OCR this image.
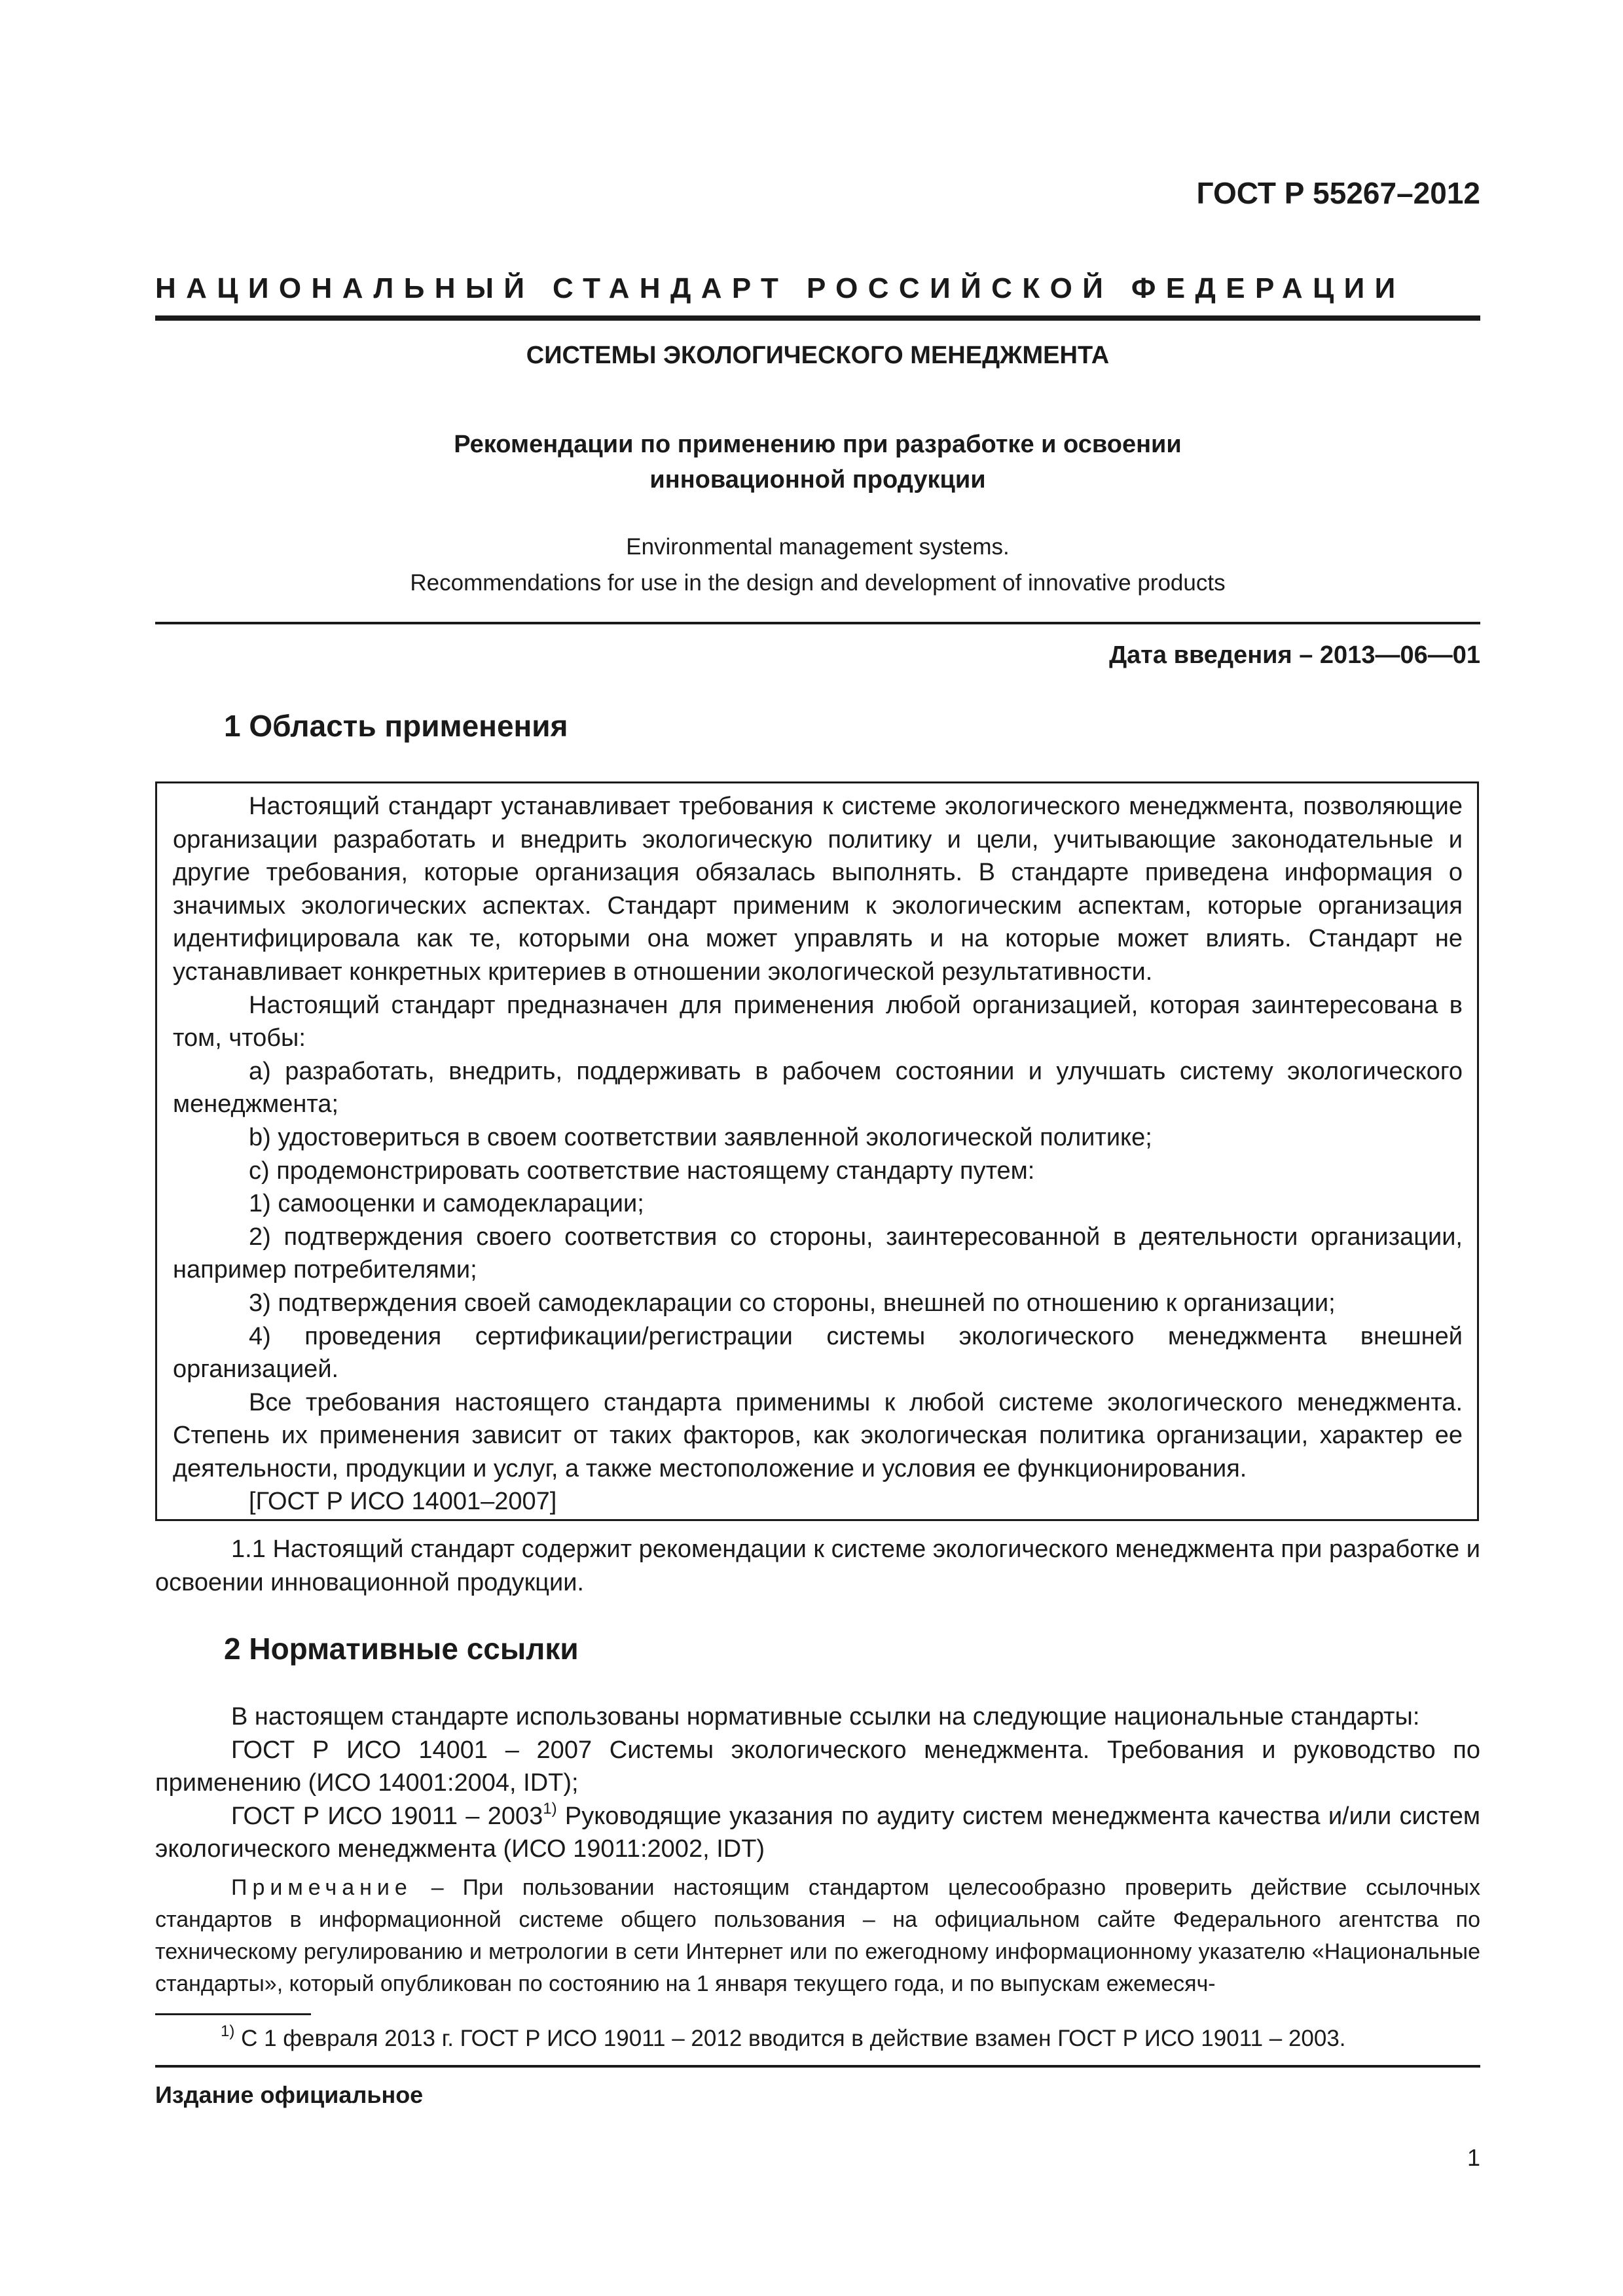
ГОСТ Р 55267–2012
НАЦИОНАЛЬНЫЙ СТАНДАРТ РОССИЙСКОЙ ФЕДЕРАЦИИ
СИСТЕМЫ ЭКОЛОГИЧЕСКОГО МЕНЕДЖМЕНТА
Рекомендации по применению при разработке и освоении
инновационной продукции
Environmental management systems.
Recommendations for use in the design and development of innovative products
Дата введения – 2013—06—01
1 Область применения

Настоящий стандарт устанавливает требования к системе экологического менеджмента, позволяющие организации разработать и внедрить экологическую политику и цели, учитывающие законодательные и другие требования, которые организация обязалась выполнять. В стандарте приведена информация о значимых экологических аспектах. Стандарт применим к экологическим аспектам, которые организация идентифицировала как те, которыми она может управлять и на которые может влиять. Стандарт не устанавливает конкретных критериев в отношении экологической результативности.

Настоящий стандарт предназначен для применения любой организацией, которая заинтересована в том, чтобы:

a) разработать, внедрить, поддерживать в рабочем состоянии и улучшать систему экологического менеджмента;

b) удостовериться в своем соответствии заявленной экологической политике;

c) продемонстрировать соответствие настоящему стандарту путем:

1) самооценки и самодекларации;

2) подтверждения своего соответствия со стороны, заинтересованной в деятельности организации, например потребителями;

3) подтверждения своей самодекларации со стороны, внешней по отношению к организации;

4) проведения сертификации/регистрации системы экологического менеджмента внешней организацией.

Все требования настоящего стандарта применимы к любой системе экологического менеджмента. Степень их применения зависит от таких факторов, как экологическая политика организации, характер ее деятельности, продукции и услуг, а также местоположение и условия ее функционирования.

[ГОСТ Р ИСО 14001–2007]

1.1 Настоящий стандарт содержит рекомендации к системе экологического менеджмента при разработке и освоении инновационной продукции.

2 Нормативные ссылки

В настоящем стандарте использованы нормативные ссылки на следующие национальные стандарты:

ГОСТ Р ИСО 14001 – 2007 Системы экологического менеджмента. Требования и руководство по применению (ИСО 14001:2004, IDT);

ГОСТ Р ИСО 19011 – 2003$^{1)}$ Руководящие указания по аудиту систем менеджмента качества и/или систем экологического менеджмента (ИСО 19011:2002, IDT)

Примечание – При пользовании настоящим стандартом целесообразно проверить действие ссылочных стандартов в информационной системе общего пользования – на официальном сайте Федерального агентства по техническому регулированию и метрологии в сети Интернет или по ежегодному информационному указателю «Национальные стандарты», который опубликован по состоянию на 1 января текущего года, и по выпускам ежемесяч-

$^{1)}$ С 1 февраля 2013 г. ГОСТ Р ИСО 19011 – 2012 вводится в действие взамен ГОСТ Р ИСО 19011 – 2003.
Издание официальное
1
